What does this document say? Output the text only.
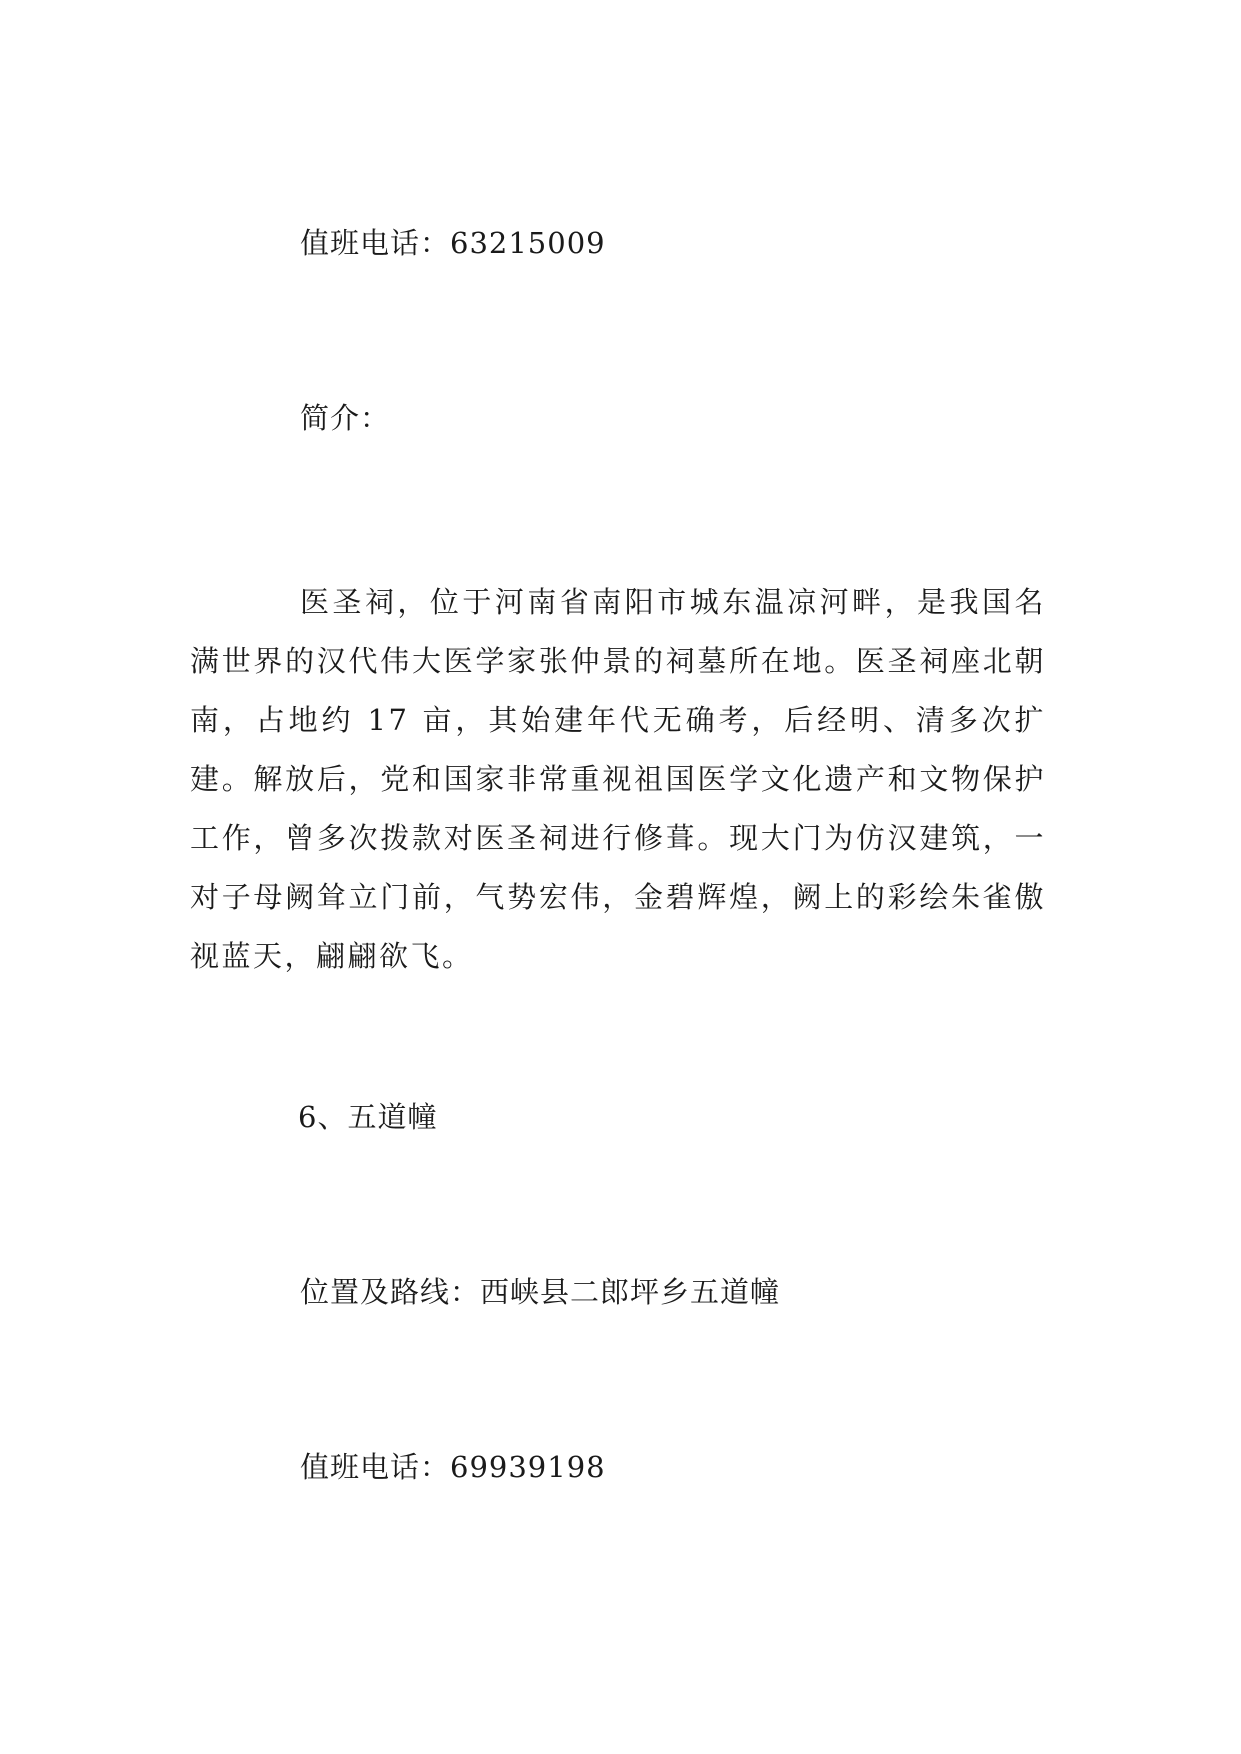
值班电话：63215009

简介：

医圣祠，位于河南省南阳市城东温凉河畔，是我国名满世界的汉代伟大医学家张仲景的祠墓所在地。医圣祠座北朝南，占地约 17 亩，其始建年代无确考，后经明、清多次扩建。解放后，党和国家非常重视祖国医学文化遗产和文物保护工作，曾多次拨款对医圣祠进行修葺。现大门为仿汉建筑，一对子母阙耸立门前，气势宏伟，金碧辉煌，阙上的彩绘朱雀傲视蓝天，翩翩欲飞。

6、五道幢

位置及路线：西峡县二郎坪乡五道幢

值班电话：69939198
